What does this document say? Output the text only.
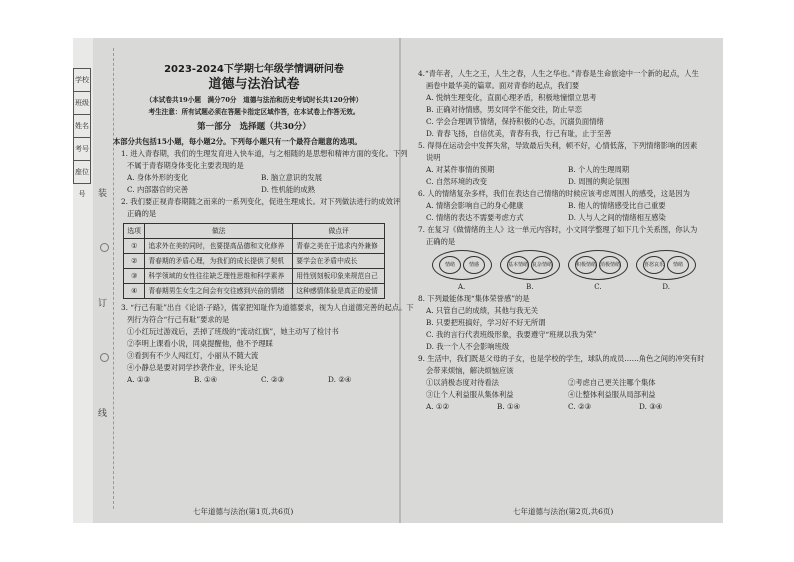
学校
班级
姓名
考号
座位号	装
订
线

2023-2024下学期七年级学情调研问卷

道德与法治试卷

（本试卷共19小题　满分70分　道德与法治和历史考试时长共120分钟）

考生注意：所有试题必须在答题卡指定区域作答，在本试卷上作答无效。

第一部分　选择题（共30分）

本部分共包括15小题，每小题2分。下列每小题只有一个最符合题意的选项。

1. 进入青春期，我们的生理发育进入快车道，与之相随的是思想和精神方面的变化。下列

不属于青春期身体变化主要表现的是

A. 身体外形的变化	B. 脑立意识的发展
C. 内部器官的完善	D. 性机能的成熟

2. 我们要正视青春期随之而来的一系列变化，促进生理成长。对下列做法进行的成效评

正确的是

选项	做法	做点评
①	追求外在美的同时，也要提高品德和文化修养	青春之美在于追求内外兼修
②	青春期的矛盾心理，为我们的成长提供了契机	要学会在矛盾中成长
③	科学领域的女性往往缺乏理性思维和科学素养	用性别刻板印象来规范自己
④	青春期男生女生之间会有交往感到兴奋的情绪	这种感情体验是真正的爱情

3. “行己有耻”出自《论语·子路》，儒家把知耻作为道德要求，视为人自道德完善的起点。下

列行为符合“行己有耻”要求的是

①小红玩过游戏后，丢掉了班级的“流动红旗”，她主动写了检讨书

②李明上课看小说，同桌提醒他，他不予理睬

③看到有不少人闯红灯，小丽从不随大流

④小静总是要对同学抄袭作业，评头论足

A. ①③	B. ①④	C. ②③	D. ②④
七年道德与法治(第1页,共6页)

4.“青年者，人生之王，人生之春，人生之华也。”青春是生命旅途中一个新的起点，人生

画卷中最华美的篇章。面对青春的起点，我们要

A. 悦纳生理变化，直面心理矛盾，积极地憧憬立思考

B. 正确对待情感，男女同学不能交往，防止早恋

C. 学会合理调节情绪，保持积极的心态，沉溺负面情绪

D. 青春飞扬，自信优美，青春有我，行己有耻，止于至善

5. 得得在运动会中发挥失常，导致最后失利，顿不好，心情低落，下列情绪影响的因素

说明

A. 对某件事情的预期	B. 个人的生理周期
C. 自然环境的改变	D. 周围的舆论氛围

6. 人的情绪复杂多样，我们在表达自己情绪的时候应该考虑周围人的感受，这是因为

A. 情绪会影响自己的身心健康	B. 他人的情绪感受比自己重要
C. 情绪的表达不需要考虑方式	D. 人与人之间的情绪相互感染

7. 在复习《做情绪的主人》这一单元内容时，小文同学整理了如下几个关系图，你认为

正确的是

情绪	情感	基本情绪 复杂情绪	积极情绪 消极情绪	喜怒哀乐	情绪
A.	B.	C.	D.

8. 下列最能体现“集体荣誉感”的是

A. 只管自己的成绩，其他与我无关

B. 只要把班搞好，学习好不好无所谓

C. 我的言行代表班级形象，我要遵守“班规以我为荣”

D. 我一个人不会影响班级

9. 生活中，我们既是父母的子女，也是学校的学生，球队的成员……角色之间的冲突有时

会带来烦恼，解决烦恼应该

①以消极态度对待看法	②考虑自己更关注哪个集体
③让个人利益服从集体利益	④让整体利益服从局部利益
A. ①②	B. ①④	C. ②③	D. ③④
七年道德与法治(第2页,共6页)
